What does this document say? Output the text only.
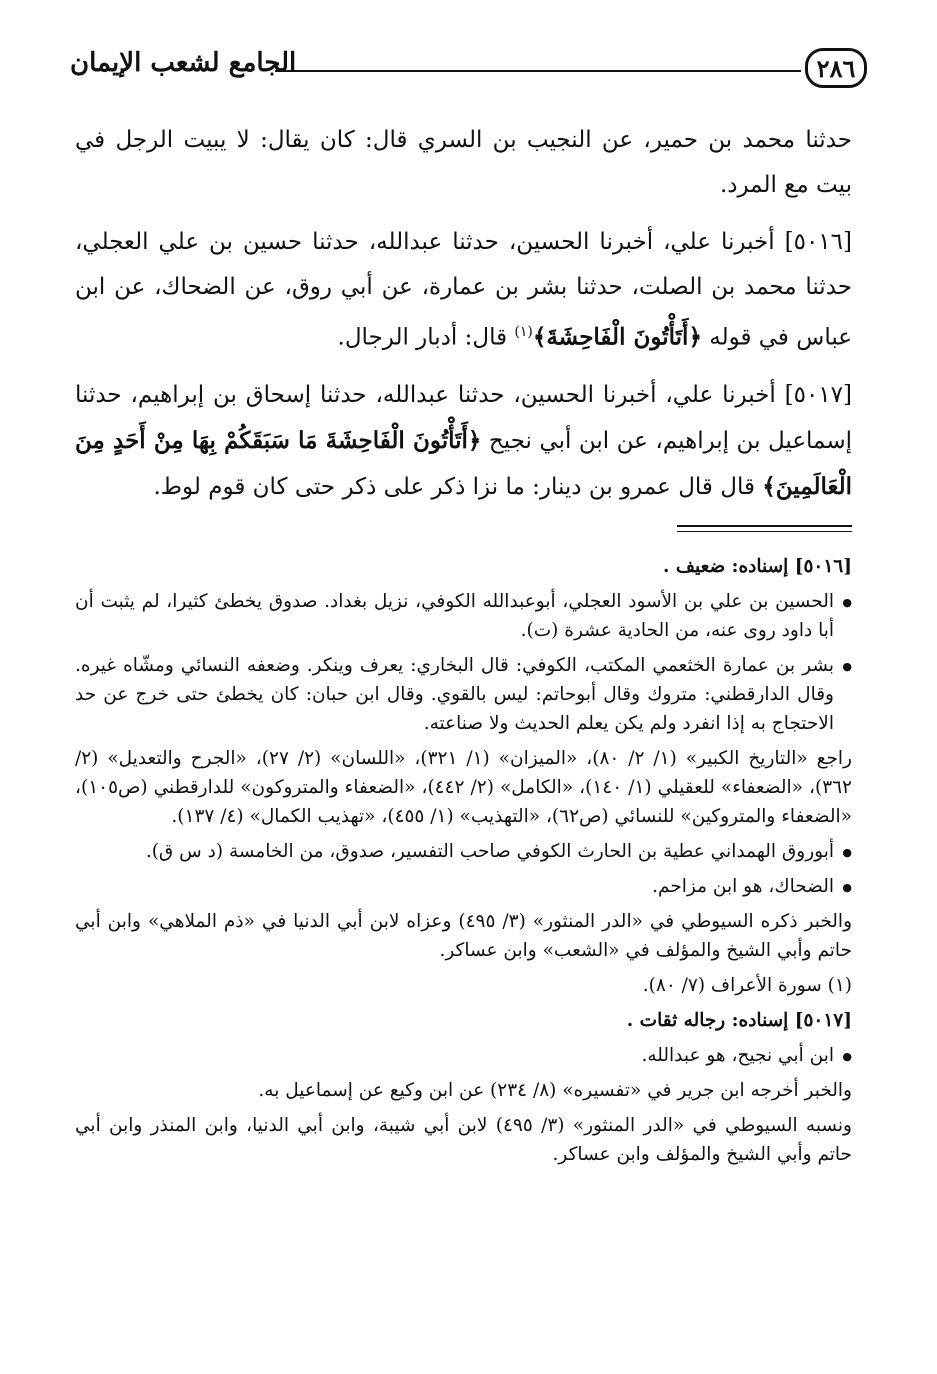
٢٨٦
الجامع لشعب الإيمان

حدثنا محمد بن حمير، عن النجيب بن السري قال: كان يقال: لا يبيت الرجل في بيت مع المرد.

[٥٠١٦] أخبرنا علي، أخبرنا الحسين، حدثنا عبدالله، حدثنا حسين بن علي العجلي، حدثنا محمد بن الصلت، حدثنا بشر بن عمارة، عن أبي روق، عن الضحاك، عن ابن عباس في قوله ﴿أَتَأْتُونَ الْفَاحِشَةَ﴾$^{(١)}$ قال: أدبار الرجال.

[٥٠١٧] أخبرنا علي، أخبرنا الحسين، حدثنا عبدالله، حدثنا إسحاق بن إبراهيم، حدثنا إسماعيل بن إبراهيم، عن ابن أبي نجيح ﴿أَتَأْتُونَ الْفَاحِشَةَ مَا سَبَقَكُمْ بِهَا مِنْ أَحَدٍ مِنَ الْعَالَمِينَ﴾ قال قال عمرو بن دينار: ما نزا ذكر على ذكر حتى كان قوم لوط.

[٥٠١٦] إسناده: ضعيف .

● الحسين بن علي بن الأسود العجلي، أبوعبدالله الكوفي، نزيل بغداد. صدوق يخطئ كثيرا، لم يثبت أن أبا داود روى عنه، من الحادية عشرة (ت).

● بشر بن عمارة الخثعمي المكتب، الكوفي: قال البخاري: يعرف وينكر. وضعفه النسائي ومشّاه غيره. وقال الدارقطني: متروك وقال أبوحاتم: ليس بالقوي. وقال ابن حبان: كان يخطئ حتى خرج عن حد الاحتجاج به إذا انفرد ولم يكن يعلم الحديث ولا صناعته.

راجع «التاريخ الكبير» (١/ ٢/ ٨٠)، «الميزان» (١/ ٣٢١)، «اللسان» (٢/ ٢٧)، «الجرح والتعديل» (٢/ ٣٦٢)، «الضعفاء» للعقيلي (١/ ١٤٠)، «الكامل» (٢/ ٤٤٢)، «الضعفاء والمتروكون» للدارقطني (ص١٠٥)، «الضعفاء والمتروكين» للنسائي (ص٦٢)، «التهذيب» (١/ ٤٥٥)، «تهذيب الكمال» (٤/ ١٣٧).

● أبوروق الهمداني عطية بن الحارث الكوفي صاحب التفسير، صدوق، من الخامسة (د س ق).

● الضحاك، هو ابن مزاحم.

والخبر ذكره السيوطي في «الدر المنثور» (٣/ ٤٩٥) وعزاه لابن أبي الدنيا في «ذم الملاهي» وابن أبي حاتم وأبي الشيخ والمؤلف في «الشعب» وابن عساكر.

(١) سورة الأعراف (٧/ ٨٠).

[٥٠١٧] إسناده: رجاله ثقات .

● ابن أبي نجيح، هو عبدالله.

والخبر أخرجه ابن جرير في «تفسيره» (٨/ ٢٣٤) عن ابن وكيع عن إسماعيل به.

ونسبه السيوطي في «الدر المنثور» (٣/ ٤٩٥) لابن أبي شيبة، وابن أبي الدنيا، وابن المنذر وابن أبي حاتم وأبي الشيخ والمؤلف وابن عساكر.
